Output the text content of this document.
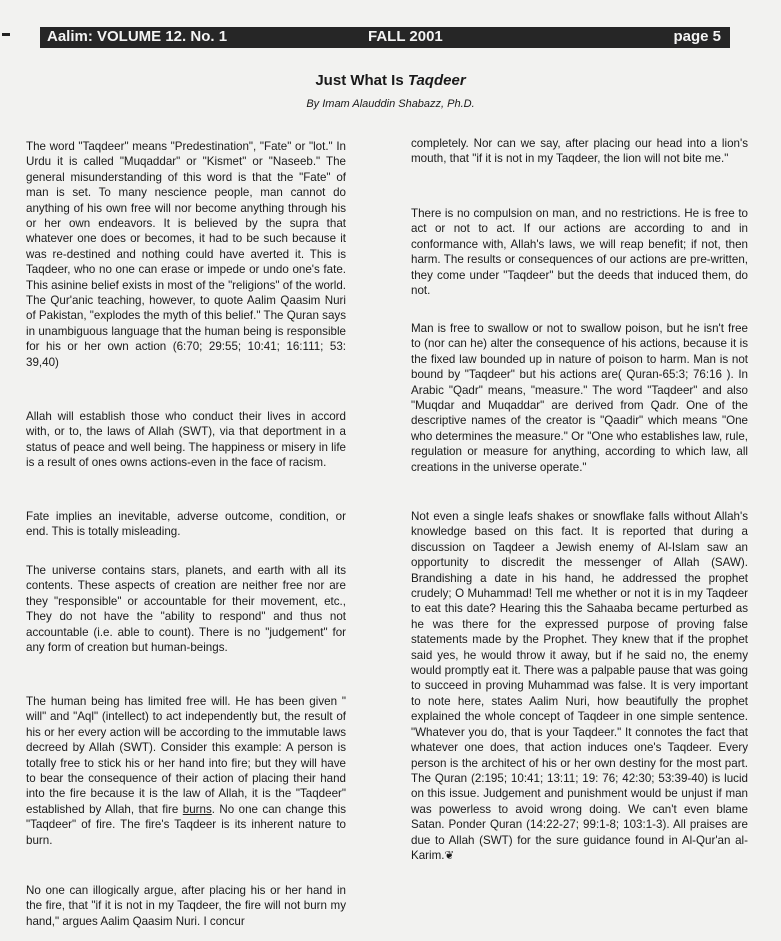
Aalim: VOLUME 12. No. 1	FALL 2001	page 5
Just What Is Taqdeer
By Imam Alauddin Shabazz, Ph.D.

The word "Taqdeer" means "Predestination", "Fate" or "lot." In Urdu it is called "Muqaddar" or "Kismet" or "Naseeb." The general misunderstanding of this word is that the "Fate" of man is set. To many nescience people, man cannot do anything of his own free will nor become anything through his or her own endeavors. It is believed by the supra that whatever one does or becomes, it had to be such because it was re-destined and nothing could have averted it. This is Taqdeer, who no one can erase or impede or undo one's fate. This asinine belief exists in most of the "religions" of the world. The Qur'anic teaching, however, to quote Aalim Qaasim Nuri of Pakistan, "explodes the myth of this belief." The Quran says in unambiguous language that the human being is responsible for his or her own action (6:70; 29:55; 10:41; 16:111; 53: 39,40)

Allah will establish those who conduct their lives in accord with, or to, the laws of Allah (SWT), via that deportment in a status of peace and well being. The happiness or misery in life is a result of ones owns actions-even in the face of racism.

Fate implies an inevitable, adverse outcome, condition, or end. This is totally misleading.

The universe contains stars, planets, and earth with all its contents. These aspects of creation are neither free nor are they "responsible" or accountable for their movement, etc., They do not have the "ability to respond" and thus not accountable (i.e. able to count). There is no "judgement" for any form of creation but human-beings.

The human being has limited free will. He has been given " will" and "Aql" (intellect) to act independently but, the result of his or her every action will be according to the immutable laws decreed by Allah (SWT). Consider this example: A person is totally free to stick his or her hand into fire; but they will have to bear the consequence of their action of placing their hand into the fire because it is the law of Allah, it is the "Taqdeer" established by Allah, that fire burns. No one can change this "Taqdeer" of fire. The fire's Taqdeer is its inherent nature to burn.

No one can illogically argue, after placing his or her hand in the fire, that "if it is not in my Taqdeer, the fire will not burn my hand," argues Aalim Qaasim Nuri. I concur

completely. Nor can we say, after placing our head into a lion's mouth, that "if it is not in my Taqdeer, the lion will not bite me."

There is no compulsion on man, and no restrictions. He is free to act or not to act. If our actions are according to and in conformance with, Allah's laws, we will reap benefit; if not, then harm. The results or consequences of our actions are pre-written, they come under "Taqdeer" but the deeds that induced them, do not.

Man is free to swallow or not to swallow poison, but he isn't free to (nor can he) alter the consequence of his actions, because it is the fixed law bounded up in nature of poison to harm. Man is not bound by "Taqdeer" but his actions are( Quran-65:3; 76:16 ). In Arabic "Qadr" means, "measure." The word "Taqdeer" and also "Muqdar and Muqaddar" are derived from Qadr. One of the descriptive names of the creator is "Qaadir" which means "One who determines the measure." Or "One who establishes law, rule, regulation or measure for anything, according to which law, all creations in the universe operate."

Not even a single leafs shakes or snowflake falls without Allah's knowledge based on this fact. It is reported that during a discussion on Taqdeer a Jewish enemy of Al-Islam saw an opportunity to discredit the messenger of Allah (SAW). Brandishing a date in his hand, he addressed the prophet crudely; O Muhammad! Tell me whether or not it is in my Taqdeer to eat this date? Hearing this the Sahaaba became perturbed as he was there for the expressed purpose of proving false statements made by the Prophet. They knew that if the prophet said yes, he would throw it away, but if he said no, the enemy would promptly eat it. There was a palpable pause that was going to succeed in proving Muhammad was false. It is very important to note here, states Aalim Nuri, how beautifully the prophet explained the whole concept of Taqdeer in one simple sentence. "Whatever you do, that is your Taqdeer." It connotes the fact that whatever one does, that action induces one's Taqdeer. Every person is the architect of his or her own destiny for the most part. The Quran (2:195; 10:41; 13:11; 19: 76; 42:30; 53:39-40) is lucid on this issue. Judgement and punishment would be unjust if man was powerless to avoid wrong doing. We can't even blame Satan. Ponder Quran (14:22-27; 99:1-8; 103:1-3). All praises are due to Allah (SWT) for the sure guidance found in Al-Qur'an al-Karim.❦
